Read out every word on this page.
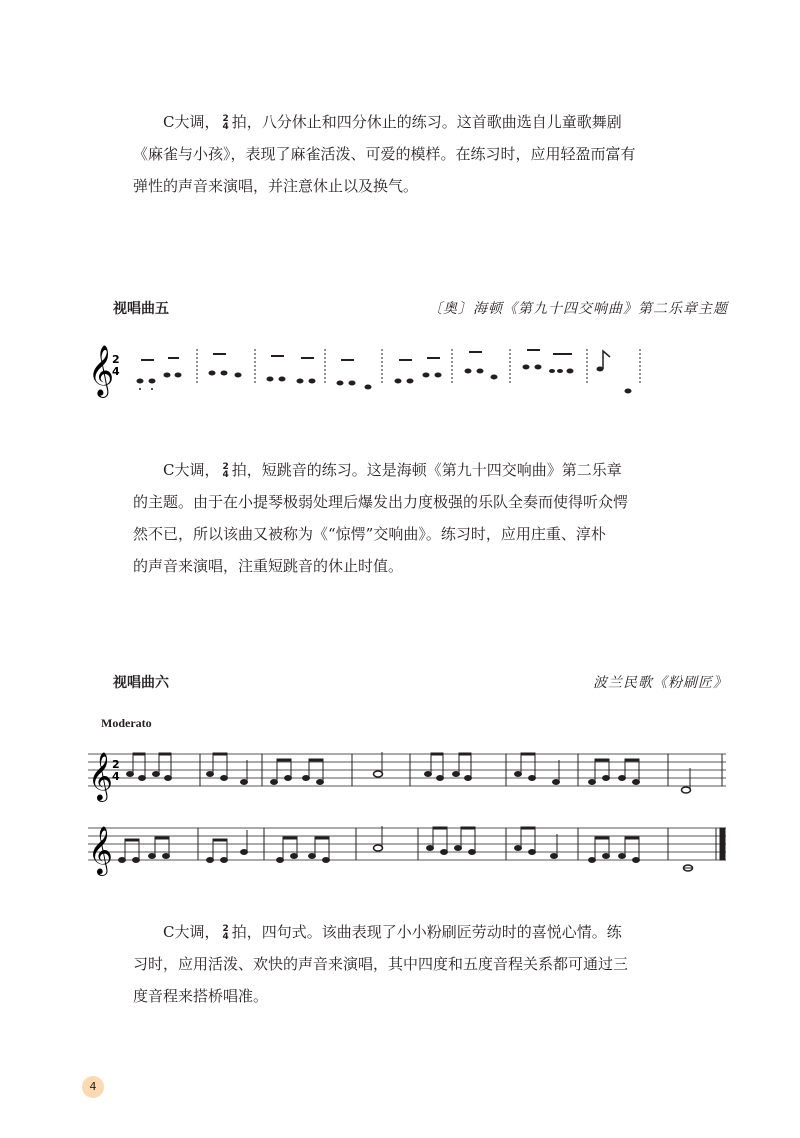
C大调， 2
4 拍，八分休止和四分休止的练习。这首歌曲选自儿童歌舞剧
《麻雀与小孩》，表现了麻雀活泼、可爱的模样。在练习时，应用轻盈而富有
弹性的声音来演唱，并注意休止以及换气。
视唱曲五	〔奥〕海顿《第九十四交响曲》第二乐章主题
𝄞
2
4
C大调， 2
4 拍，短跳音的练习。这是海顿《第九十四交响曲》第二乐章
的主题。由于在小提琴极弱处理后爆发出力度极强的乐队全奏而使得听众愕
然不已，所以该曲又被称为《“惊愕”交响曲》。练习时，应用庄重、淳朴
的声音来演唱，注重短跳音的休止时值。
视唱曲六	波兰民歌《粉刷匠》
Moderato
𝄞 2
4
𝄞
C大调， 2
4 拍，四句式。该曲表现了小小粉刷匠劳动时的喜悦心情。练
习时，应用活泼、欢快的声音来演唱，其中四度和五度音程关系都可通过三
度音程来搭桥唱准。
4
